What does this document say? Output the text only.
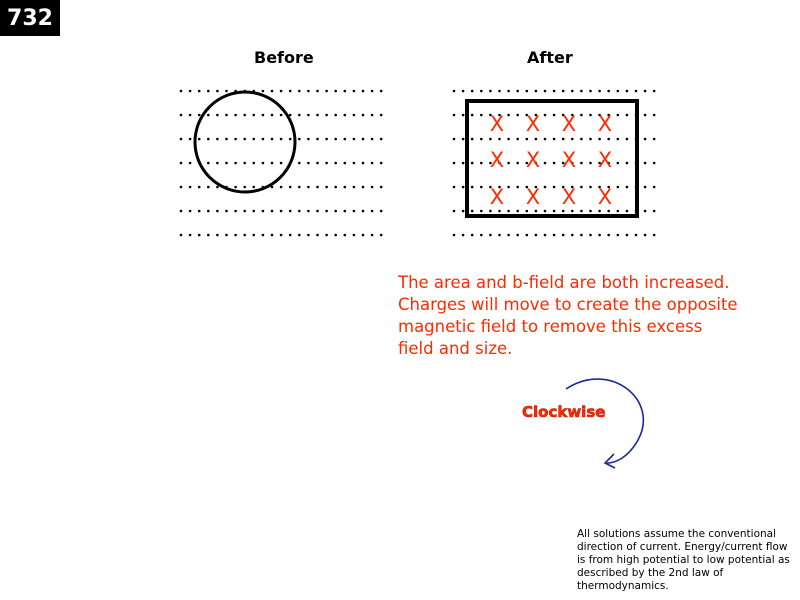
732
Before	After
X X X X
X X X X
X X X X
The area and b-field are both increased. Charges will move to create the opposite magnetic field to remove this excess field and size.
Clockwise
All solutions assume the conventional direction of current. Energy/current flow is from high potential to low potential as described by the 2nd law of thermodynamics.
